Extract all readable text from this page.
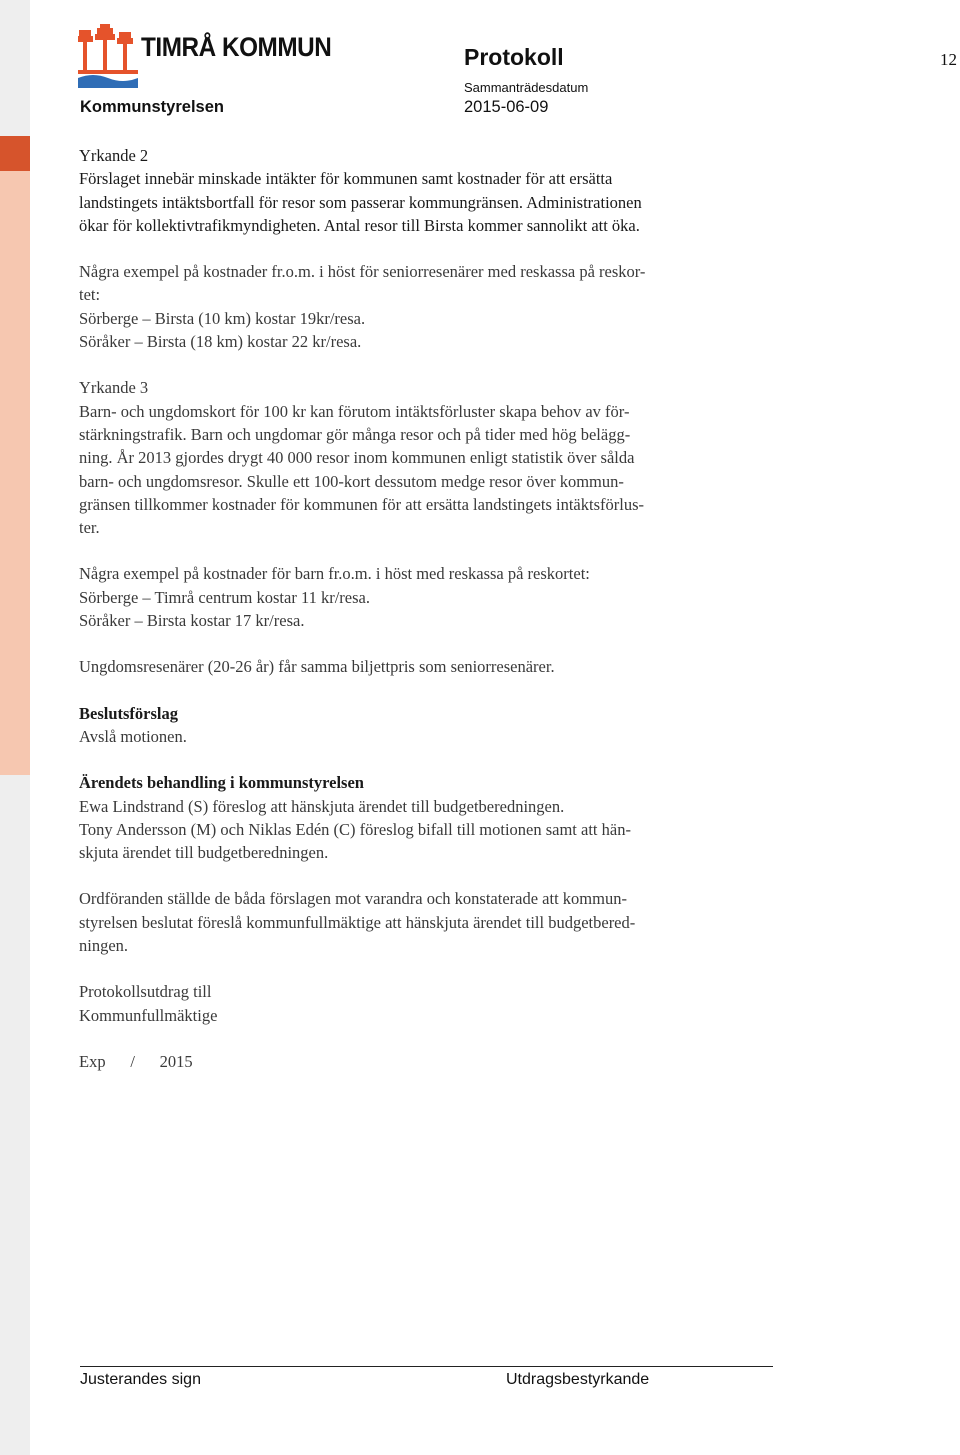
TIMRÅ KOMMUN
Kommunstyrelsen
Protokoll
Sammanträdesdatum
2015-06-09
12

Yrkande 2

Förslaget innebär minskade intäkter för kommunen samt kostnader för att ersätta
landstingets intäktsbortfall för resor som passerar kommungränsen. Administrationen
ökar för kollektivtrafikmyndigheten. Antal resor till Birsta kommer sannolikt att öka.

Några exempel på kostnader fr.o.m. i höst för seniorresenärer med reskassa på reskor-
tet:

Sörberge – Birsta (10 km) kostar 19kr/resa.

Söråker – Birsta (18 km) kostar 22 kr/resa.

Yrkande 3

Barn- och ungdomskort för 100 kr kan förutom intäktsförluster skapa behov av för-
stärkningstrafik. Barn och ungdomar gör många resor och på tider med hög belägg-
ning. År 2013 gjordes drygt 40 000 resor inom kommunen enligt statistik över sålda
barn- och ungdomsresor. Skulle ett 100-kort dessutom medge resor över kommun-
gränsen tillkommer kostnader för kommunen för att ersätta landstingets intäktsförlus-
ter.

Några exempel på kostnader för barn fr.o.m. i höst med reskassa på reskortet:

Sörberge – Timrå centrum kostar 11 kr/resa.

Söråker – Birsta kostar 17 kr/resa.

Ungdomsresenärer (20-26 år) får samma biljettpris som seniorresenärer.

Beslutsförslag

Avslå motionen.

Ärendets behandling i kommunstyrelsen

Ewa Lindstrand (S) föreslog att hänskjuta ärendet till budgetberedningen.

Tony Andersson (M) och Niklas Edén (C) föreslog bifall till motionen samt att hän-
skjuta ärendet till budgetberedningen.

Ordföranden ställde de båda förslagen mot varandra och konstaterade att kommun-
styrelsen beslutat föreslå kommunfullmäktige att hänskjuta ärendet till budgetbered-
ningen.

Protokollsutdrag till

Kommunfullmäktige

Exp      /      2015

Justerandes sign	Utdragsbestyrkande
